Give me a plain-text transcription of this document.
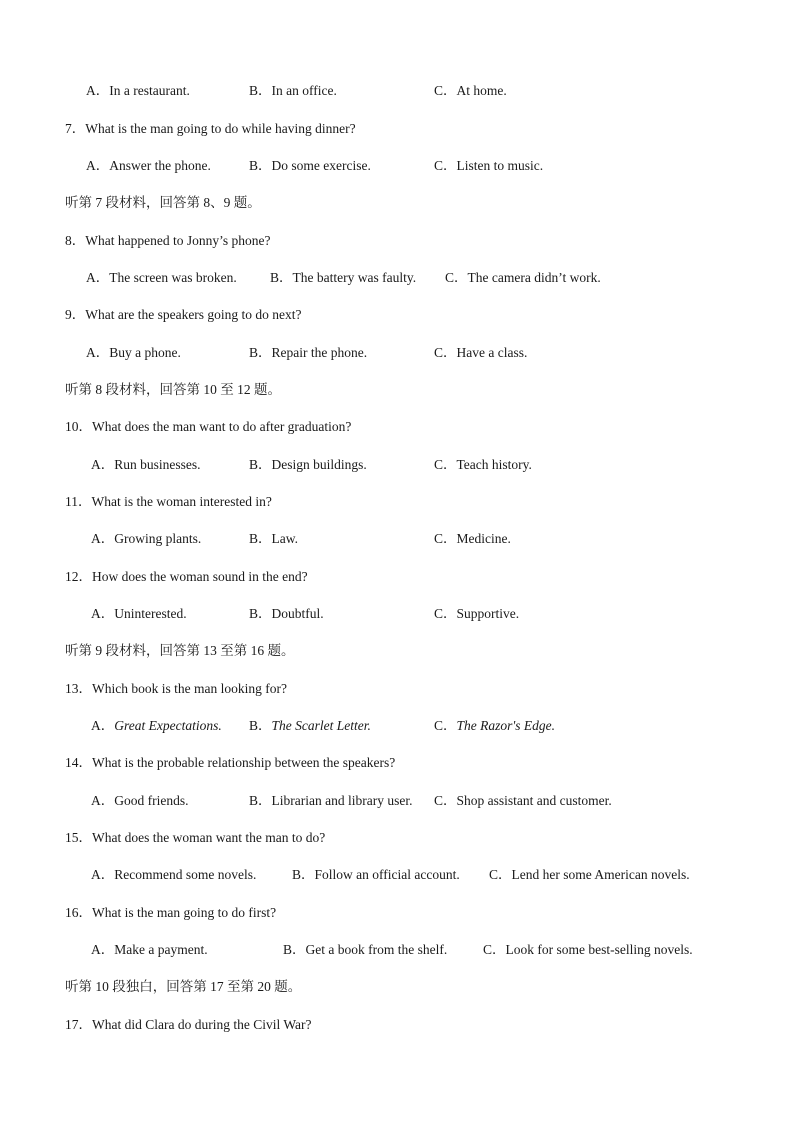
A．In a restaurant.	B．In an office.	C．At home.
7．What is the man going to do while having dinner?
A．Answer the phone.	B．Do some exercise.	C．Listen to music.
听第 7 段材料，回答第 8、9 题。
8．What happened to Jonny’s phone?
A．The screen was broken. B．The battery was faulty. C．The camera didn’t work.
9．What are the speakers going to do next?
A．Buy a phone.	B．Repair the phone.	C．Have a class.
听第 8 段材料，回答第 10 至 12 题。
10．What does the man want to do after graduation?
A．Run businesses.	B．Design buildings.	C．Teach history.
11．What is the woman interested in?
A．Growing plants.	B．Law.	C．Medicine.
12．How does the woman sound in the end?
A．Uninterested.	B．Doubtful.	C．Supportive.
听第 9 段材料，回答第 13 至第 16 题。
13．Which book is the man looking for?
A．Great Expectations. B．The Scarlet Letter.	C．The Razor's Edge.
14．What is the probable relationship between the speakers?
A．Good friends.	B．Librarian and library user. C．Shop assistant and customer.
15．What does the woman want the man to do?
A．Recommend some novels.	B．Follow an official account. C．Lend her some American novels.
16．What is the man going to do first?
A．Make a payment.	B．Get a book from the shelf.	C．Look for some best-selling novels.
听第 10 段独白，回答第 17 至第 20 题。
17．What did Clara do during the Civil War?
